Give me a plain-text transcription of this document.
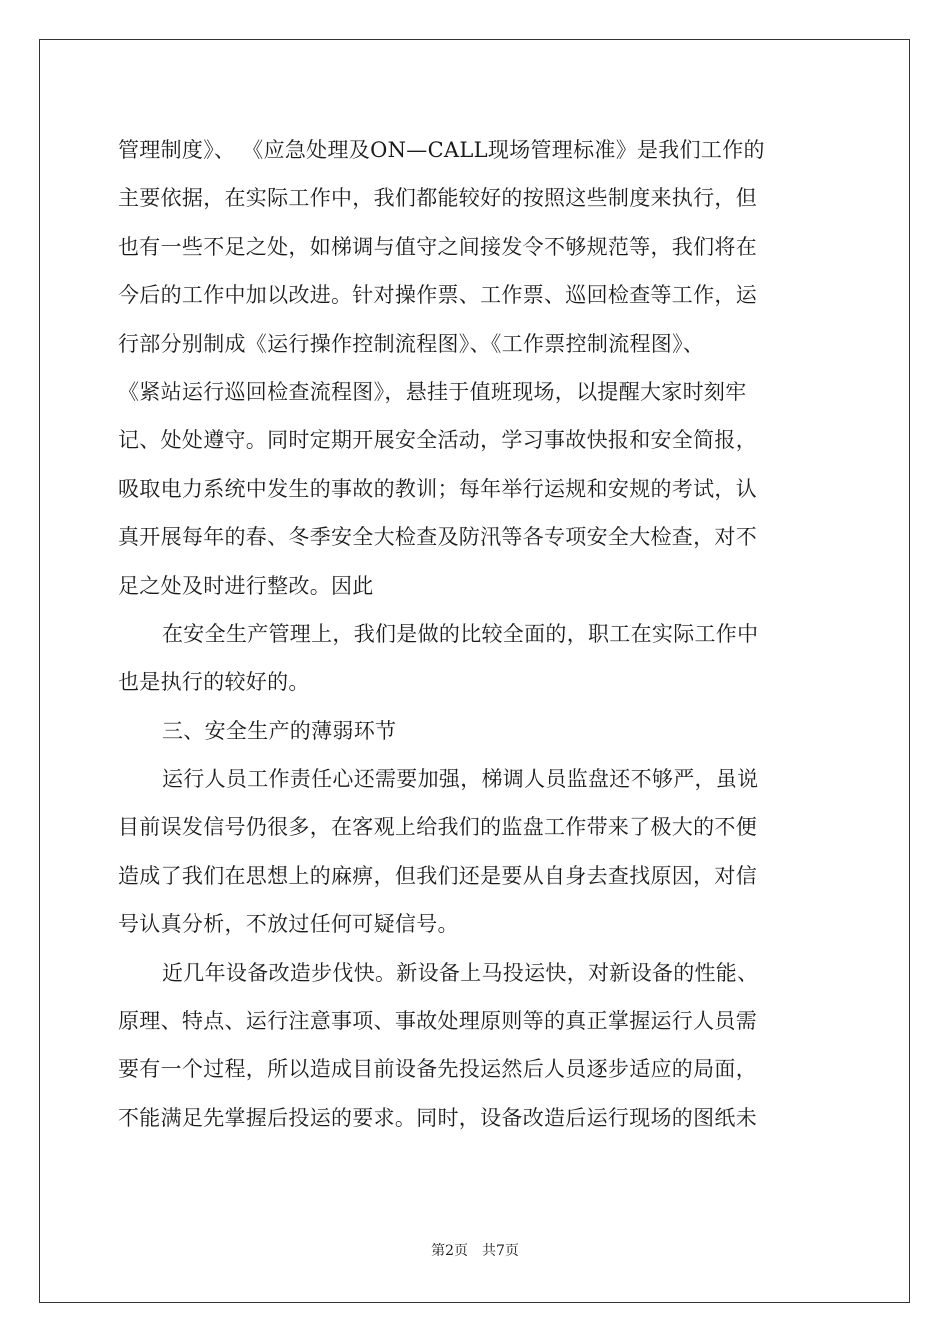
管理制度》、 《应急处理及ON—CALL现场管理标准》是我们工作的
主要依据，在实际工作中，我们都能较好的按照这些制度来执行，但
也有一些不足之处，如梯调与值守之间接发令不够规范等，我们将在
今后的工作中加以改进。针对操作票、工作票、巡回检查等工作，运
行部分别制成《运行操作控制流程图》、《工作票控制流程图》、
《紧站运行巡回检查流程图》，悬挂于值班现场，以提醒大家时刻牢
记、处处遵守。同时定期开展安全活动，学习事故快报和安全简报，
吸取电力系统中发生的事故的教训；每年举行运规和安规的考试，认
真开展每年的春、冬季安全大检查及防汛等各专项安全大检查，对不
足之处及时进行整改。因此
在安全生产管理上，我们是做的比较全面的，职工在实际工作中
也是执行的较好的。
三、安全生产的薄弱环节
运行人员工作责任心还需要加强，梯调人员监盘还不够严，虽说
目前误发信号仍很多，在客观上给我们的监盘工作带来了极大的不便
造成了我们在思想上的麻痹，但我们还是要从自身去查找原因，对信
号认真分析，不放过任何可疑信号。
近几年设备改造步伐快。新设备上马投运快，对新设备的性能、
原理、特点、运行注意事项、事故处理原则等的真正掌握运行人员需
要有一个过程，所以造成目前设备先投运然后人员逐步适应的局面，
不能满足先掌握后投运的要求。同时，设备改造后运行现场的图纸未
第2页 共7页
